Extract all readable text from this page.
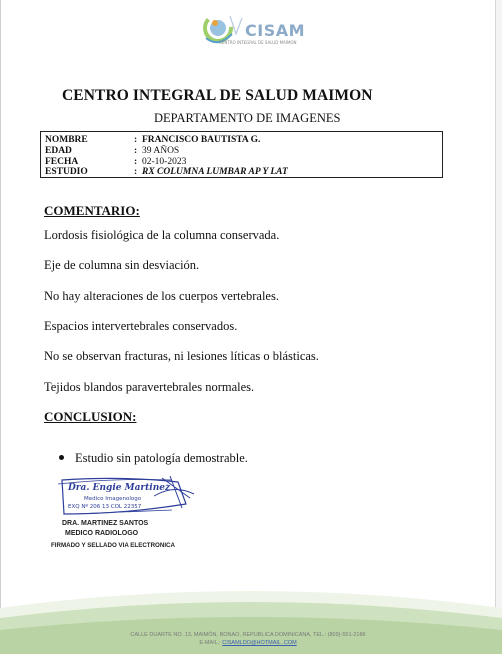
CISAM
CENTRO INTEGRAL DE SALUD MAIMON
CENTRO INTEGRAL DE SALUD MAIMON
DEPARTAMENTO DE IMAGENES
NOMBRE	: FRANCISCO BAUTISTA G.
EDAD	: 39 AÑOS
FECHA	: 02-10-2023
ESTUDIO	: RX COLUMNA LUMBAR AP Y LAT
COMENTARIO:
Lordosis fisiológica de la columna conservada.
Eje de columna sin desviación.
No hay alteraciones de los cuerpos vertebrales.
Espacios intervertebrales conservados.
No se observan fracturas, ni lesiones líticas o blásticas.
Tejidos blandos paravertebrales normales.
CONCLUSION:
Estudio sin patología demostrable.
Dra. Engie Martinez
Medico Imagenologo
EXQ Nº 206 13 COL 22357
DRA. MARTINEZ SANTOS
MEDICO RADIOLOGO
FIRMADO Y SELLADO VIA ELECTRONICA
CALLE DUARTE NO. 13, MAIMÓN, BONAO, REPUBLICA DOMINICANA, TEL.: (809)-551-2186
E-MAIL.: CISAMLDO@HOTMAIL .COM
